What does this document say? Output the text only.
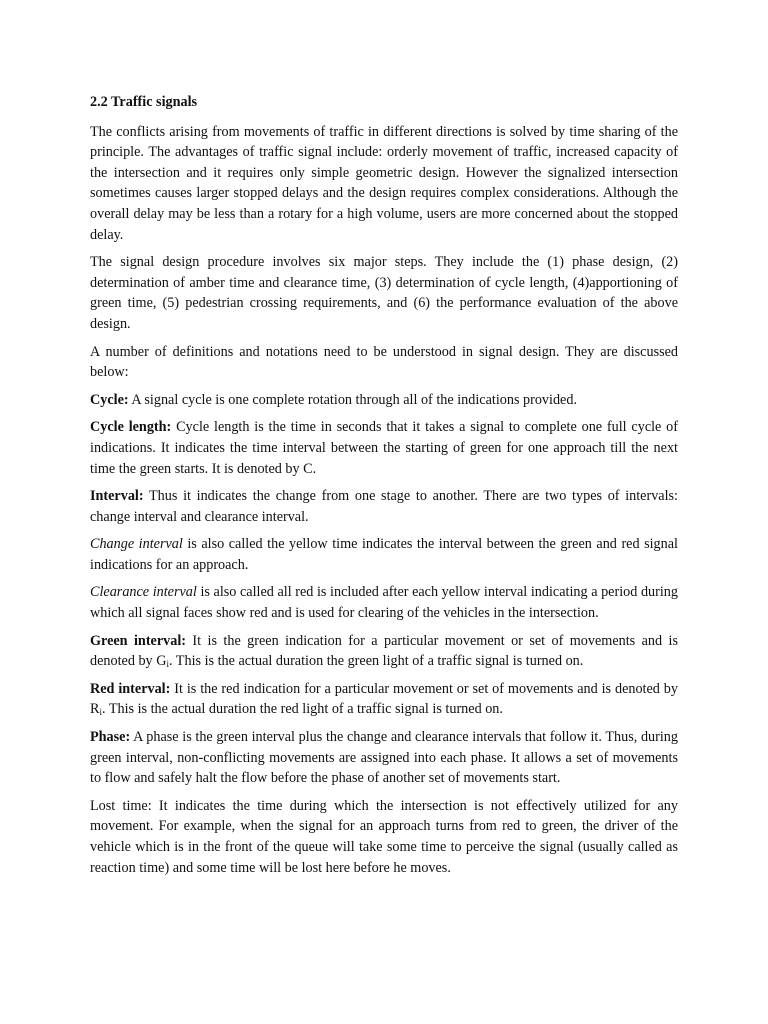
2.2 Traffic signals

The conflicts arising from movements of traffic in different directions is solved by time sharing of the principle. The advantages of traffic signal include: orderly movement of traffic, increased capacity of the intersection and it requires only simple geometric design. However the signalized intersection sometimes causes larger stopped delays and the design requires complex considerations. Although the overall delay may be less than a rotary for a high volume, users are more concerned about the stopped delay.

The signal design procedure involves six major steps. They include the (1) phase design, (2) determination of amber time and clearance time, (3) determination of cycle length, (4)apportioning of green time, (5) pedestrian crossing requirements, and (6) the performance evaluation of the above design.

A number of definitions and notations need to be understood in signal design. They are discussed below:

Cycle: A signal cycle is one complete rotation through all of the indications provided.

Cycle length: Cycle length is the time in seconds that it takes a signal to complete one full cycle of indications. It indicates the time interval between the starting of green for one approach till the next time the green starts. It is denoted by C.

Interval: Thus it indicates the change from one stage to another. There are two types of intervals: change interval and clearance interval.

Change interval is also called the yellow time indicates the interval between the green and red signal indications for an approach.

Clearance interval is also called all red is included after each yellow interval indicating a period during which all signal faces show red and is used for clearing of the vehicles in the intersection.

Green interval: It is the green indication for a particular movement or set of movements and is denoted by $G_i$. This is the actual duration the green light of a traffic signal is turned on.

Red interval: It is the red indication for a particular movement or set of movements and is denoted by $R_i$. This is the actual duration the red light of a traffic signal is turned on.

Phase: A phase is the green interval plus the change and clearance intervals that follow it. Thus, during green interval, non-conflicting movements are assigned into each phase. It allows a set of movements to flow and safely halt the flow before the phase of another set of movements start.

Lost time: It indicates the time during which the intersection is not effectively utilized for any movement. For example, when the signal for an approach turns from red to green, the driver of the vehicle which is in the front of the queue will take some time to perceive the signal (usually called as reaction time) and some time will be lost here before he moves.
